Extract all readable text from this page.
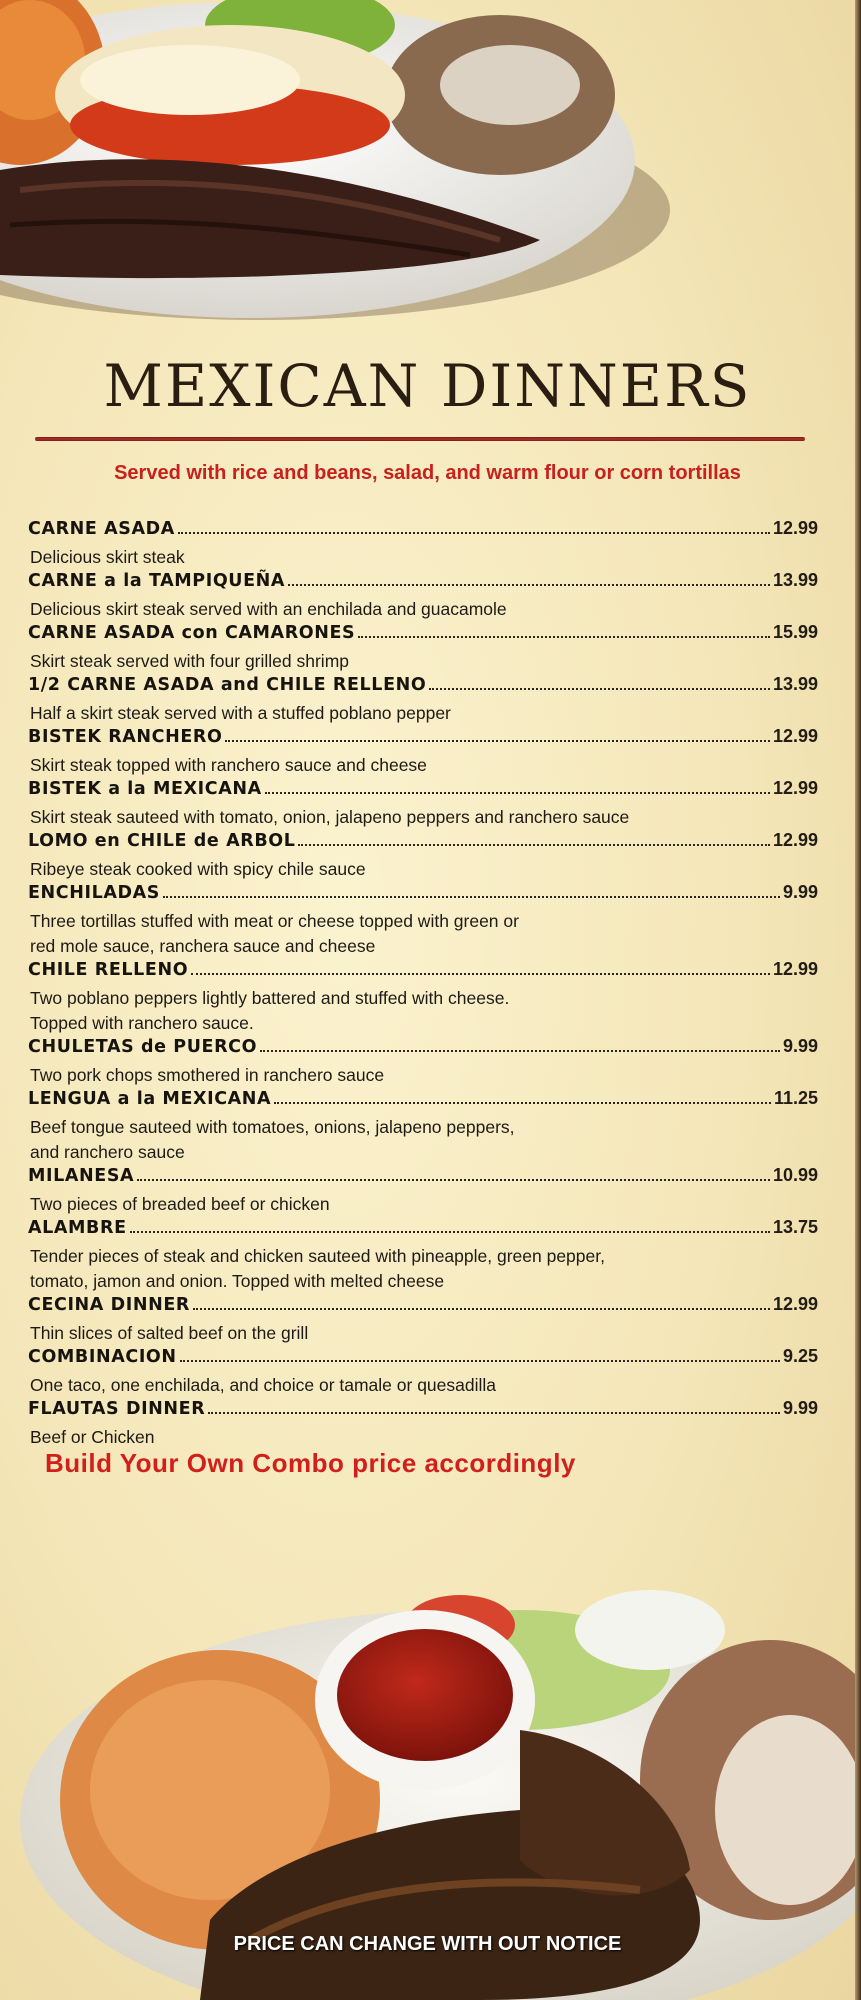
MEXICAN DINNERS
Served with rice and beans, salad, and warm flour or corn tortillas
CARNE ASADA	12.99
Delicious skirt steak
CARNE a la TAMPIQUEÑA	13.99
Delicious skirt steak served with an enchilada and guacamole
CARNE ASADA con CAMARONES	15.99
Skirt steak served with four grilled shrimp
1/2 CARNE ASADA and CHILE RELLENO	13.99
Half a skirt steak served with a stuffed poblano pepper
BISTEK RANCHERO	12.99
Skirt steak topped with ranchero sauce and cheese
BISTEK a la MEXICANA	12.99
Skirt steak sauteed with tomato, onion, jalapeno peppers and ranchero sauce
LOMO en CHILE de ARBOL	12.99
Ribeye steak cooked with spicy chile sauce
ENCHILADAS	9.99
Three tortillas stuffed with meat or cheese topped with green or
red mole sauce, ranchera sauce and cheese
CHILE RELLENO	12.99
Two poblano peppers lightly battered and stuffed with cheese.
Topped with ranchero sauce.
CHULETAS de PUERCO	9.99
Two pork chops smothered in ranchero sauce
LENGUA a la MEXICANA	11.25
Beef tongue sauteed with tomatoes, onions, jalapeno peppers,
and ranchero sauce
MILANESA	10.99
Two pieces of breaded beef or chicken
ALAMBRE	13.75
Tender pieces of steak and chicken sauteed with pineapple, green pepper,
tomato, jamon and onion. Topped with melted cheese
CECINA DINNER	12.99
Thin slices of salted beef on the grill
COMBINACION	9.25
One taco, one enchilada, and choice or tamale or quesadilla
FLAUTAS DINNER	9.99
Beef or Chicken
Build Your Own Combo price accordingly
PRICE CAN CHANGE WITH OUT NOTICE
